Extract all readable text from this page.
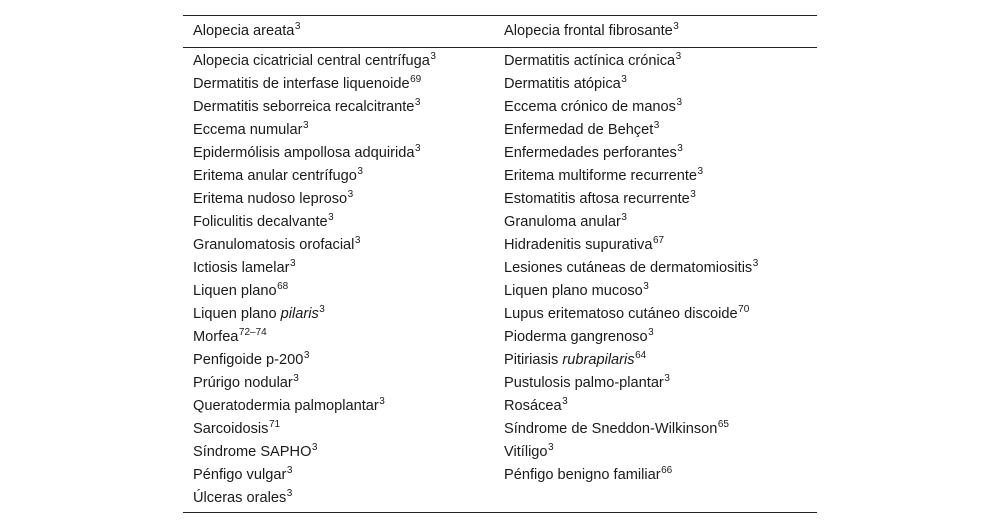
Alopecia areata$^3$	Alopecia frontal fibrosante$^3$
Alopecia cicatricial central centrífuga$^3$	Dermatitis actínica crónica$^3$
Dermatitis de interfase liquenoide$^{69}$	Dermatitis atópica$^3$
Dermatitis seborreica recalcitrante$^3$	Eccema crónico de manos$^3$
Eccema numular$^3$	Enfermedad de Behçet$^3$
Epidermólisis ampollosa adquirida$^3$	Enfermedades perforantes$^3$
Eritema anular centrífugo$^3$	Eritema multiforme recurrente$^3$
Eritema nudoso leproso$^3$	Estomatitis aftosa recurrente$^3$
Foliculitis decalvante$^3$	Granuloma anular$^3$
Granulomatosis orofacial$^3$	Hidradenitis supurativa$^{67}$
Ictiosis lamelar$^3$	Lesiones cutáneas de dermatomiositis$^3$
Liquen plano$^{68}$	Liquen plano mucoso$^3$
Liquen plano pilaris$^3$	Lupus eritematoso cutáneo discoide$^{70}$
Morfea$^{72-74}$	Pioderma gangrenoso$^3$
Penfigoide $p-200^3$	Pitiriasis rubrapilaris$^{64}$
Prúrigo nodular$^3$	Pustulosis palmo-plantar$^3$
Queratodermia palmoplantar$^3$	Rosácea$^3$
Sarcoidosis$^{71}$	Síndrome de Sneddon-Wilkinson$^{65}$
Síndrome SAPHO$^3$	Vitíligo$^3$
Pénfigo vulgar$^3$	Pénfigo benigno familiar$^{66}$
Úlceras orales$^3$
